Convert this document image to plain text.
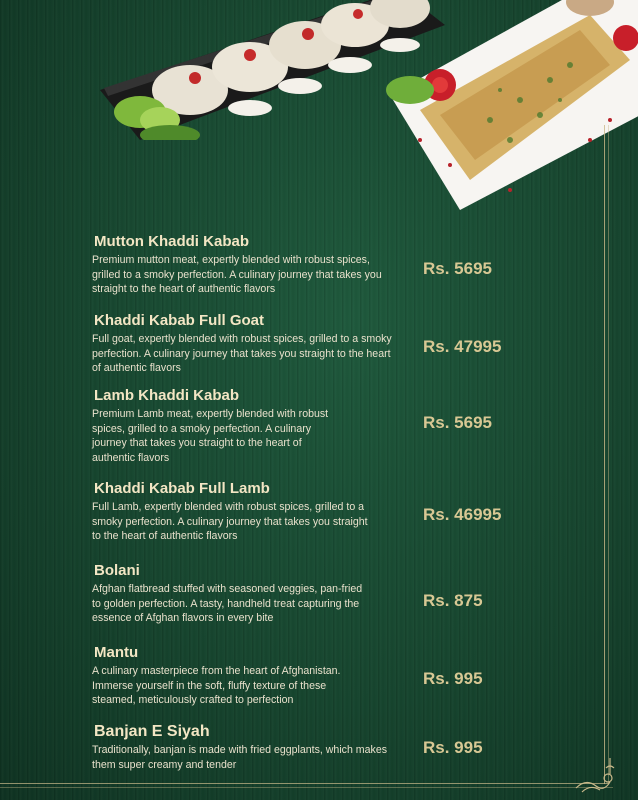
Mutton Khaddi Kabab
Premium mutton meat, expertly blended with robust spices, grilled to a smoky perfection. A culinary journey that takes you straight to the heart of authentic flavors
Rs. 5695
Khaddi Kabab Full Goat
Full goat, expertly blended with robust spices, grilled to a smoky perfection. A culinary journey that takes you straight to the heart of authentic flavors
Rs. 47995
Lamb Khaddi Kabab
Premium Lamb meat, expertly blended with robust spices, grilled to a smoky perfection. A culinary journey that takes you straight to the heart of authentic flavors
Rs. 5695
Khaddi Kabab Full Lamb
Full Lamb, expertly blended with robust spices, grilled to a smoky perfection. A culinary journey that takes you straight to the heart of authentic flavors
Rs. 46995
Bolani
Afghan flatbread stuffed with seasoned veggies, pan-fried to golden perfection. A tasty, handheld treat capturing the essence of Afghan flavors in every bite
Rs. 875
Mantu
A culinary masterpiece from the heart of Afghanistan. Immerse yourself in the soft, fluffy texture of these steamed, meticulously crafted to perfection
Rs. 995
Banjan E Siyah
Traditionally, banjan is made with fried eggplants, which makes them super creamy and tender
Rs. 995
